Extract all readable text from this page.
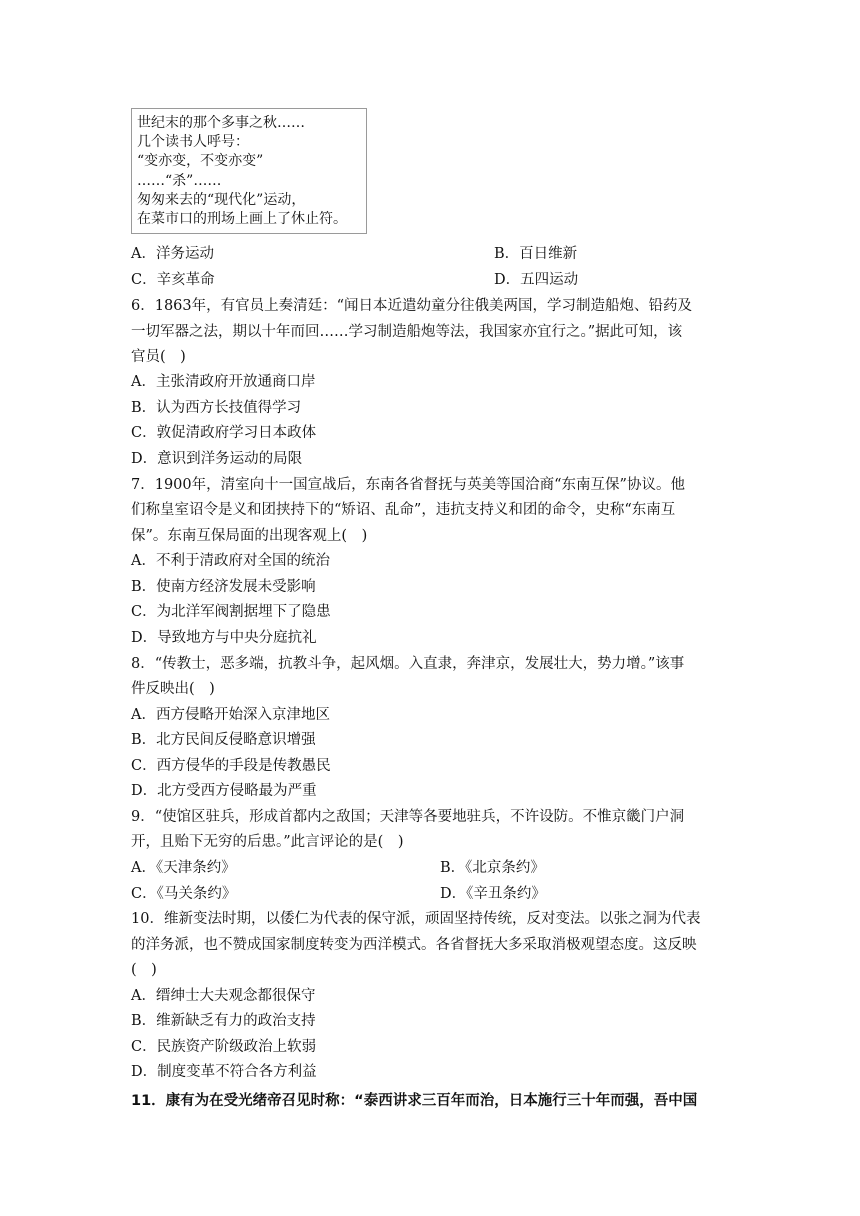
世纪末的那个多事之秋……
几个读书人呼号：
“变亦变，不变亦变”
……“杀”……
匆匆来去的“现代化”运动，
在菜市口的刑场上画上了休止符。
A．洋务运动	B．百日维新
C．辛亥革命	D．五四运动
6．1863年，有官员上奏清廷：“闻日本近遣幼童分往俄美两国，学习制造船炮、铅药及
一切军器之法，期以十年而回……学习制造船炮等法，我国家亦宜行之。”据此可知，该
官员(　)
A．主张清政府开放通商口岸
B．认为西方长技值得学习
C．敦促清政府学习日本政体
D．意识到洋务运动的局限
7．1900年，清室向十一国宣战后，东南各省督抚与英美等国洽商“东南互保”协议。他
们称皇室诏令是义和团挟持下的“矫诏、乱命”，违抗支持义和团的命令，史称“东南互
保”。东南互保局面的出现客观上(　)
A．不利于清政府对全国的统治
B．使南方经济发展未受影响
C．为北洋军阀割据埋下了隐患
D．导致地方与中央分庭抗礼
8．“传教士，恶多端，抗教斗争，起风烟。入直隶，奔津京，发展壮大，势力增。”该事
件反映出(　)
A．西方侵略开始深入京津地区
B．北方民间反侵略意识增强
C．西方侵华的手段是传教愚民
D．北方受西方侵略最为严重
9．“使馆区驻兵，形成首都内之敌国；天津等各要地驻兵，不许设防。不惟京畿门户洞
开，且贻下无穷的后患。”此言评论的是(　)
A．《天津条约》	B．《北京条约》
C．《马关条约》	D．《辛丑条约》
10．维新变法时期，以倭仁为代表的保守派，顽固坚持传统，反对变法。以张之洞为代表
的洋务派，也不赞成国家制度转变为西洋模式。各省督抚大多采取消极观望态度。这反映
(　)
A．缙绅士大夫观念都很保守
B．维新缺乏有力的政治支持
C．民族资产阶级政治上软弱
D．制度变革不符合各方利益
11．康有为在受光绪帝召见时称：“泰西讲求三百年而治，日本施行三十年而强，吾中国
